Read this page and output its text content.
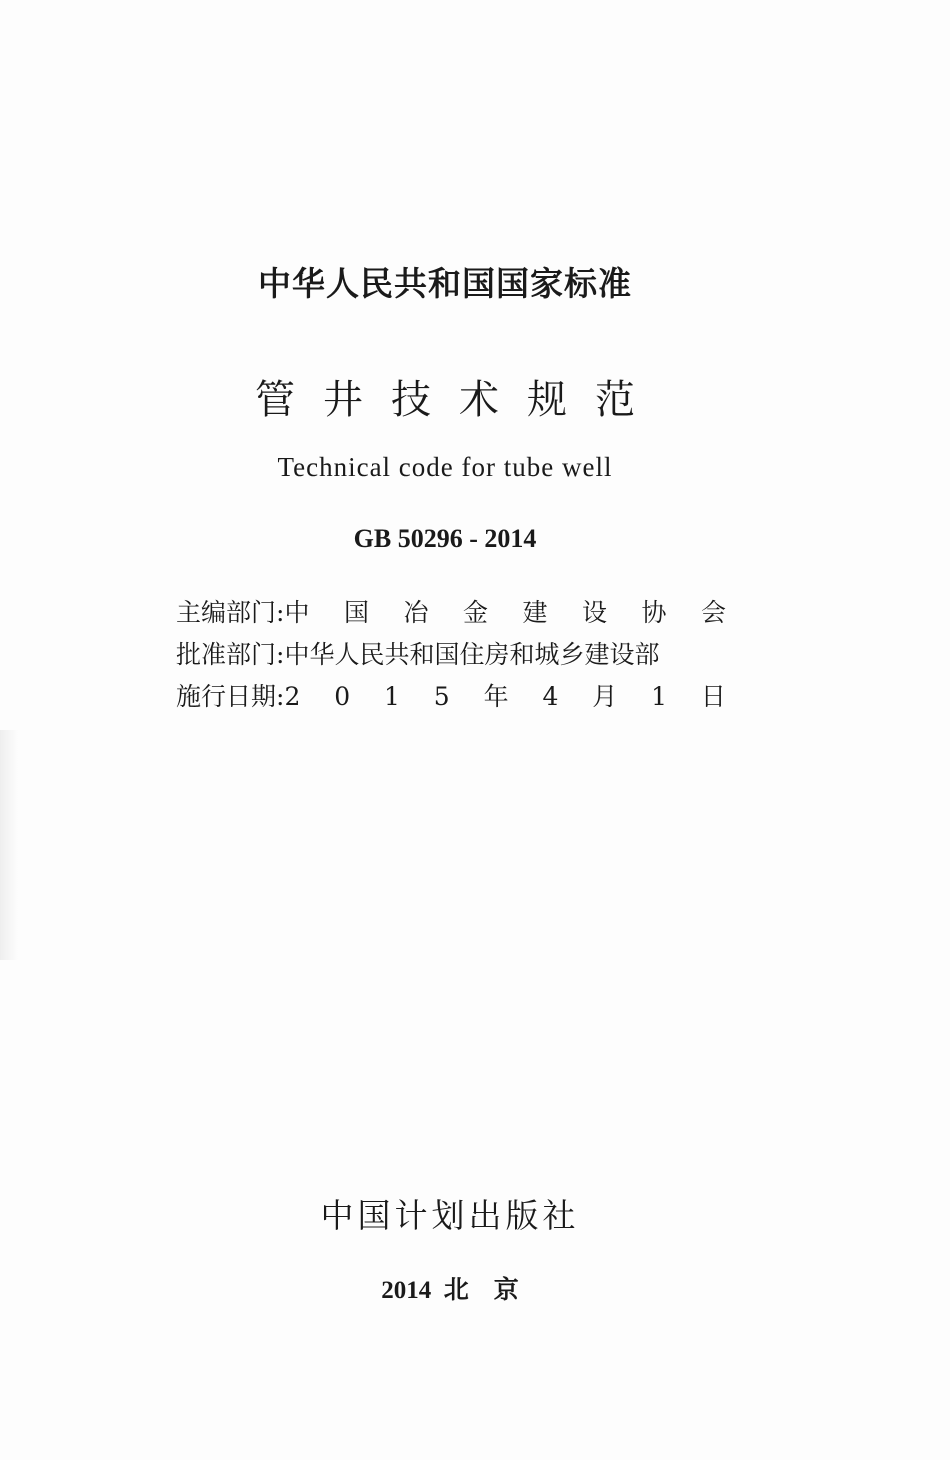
中华人民共和国国家标准
管井技术规范
Technical code for tube well
GB 50296 - 2014
主编部门: 中 国 冶 金 建 设 协 会
批准部门: 中华人民共和国住房和城乡建设部
施行日期: 2 0 1 5 年 4 月 1 日
中国计划出版社
2014  北    京
